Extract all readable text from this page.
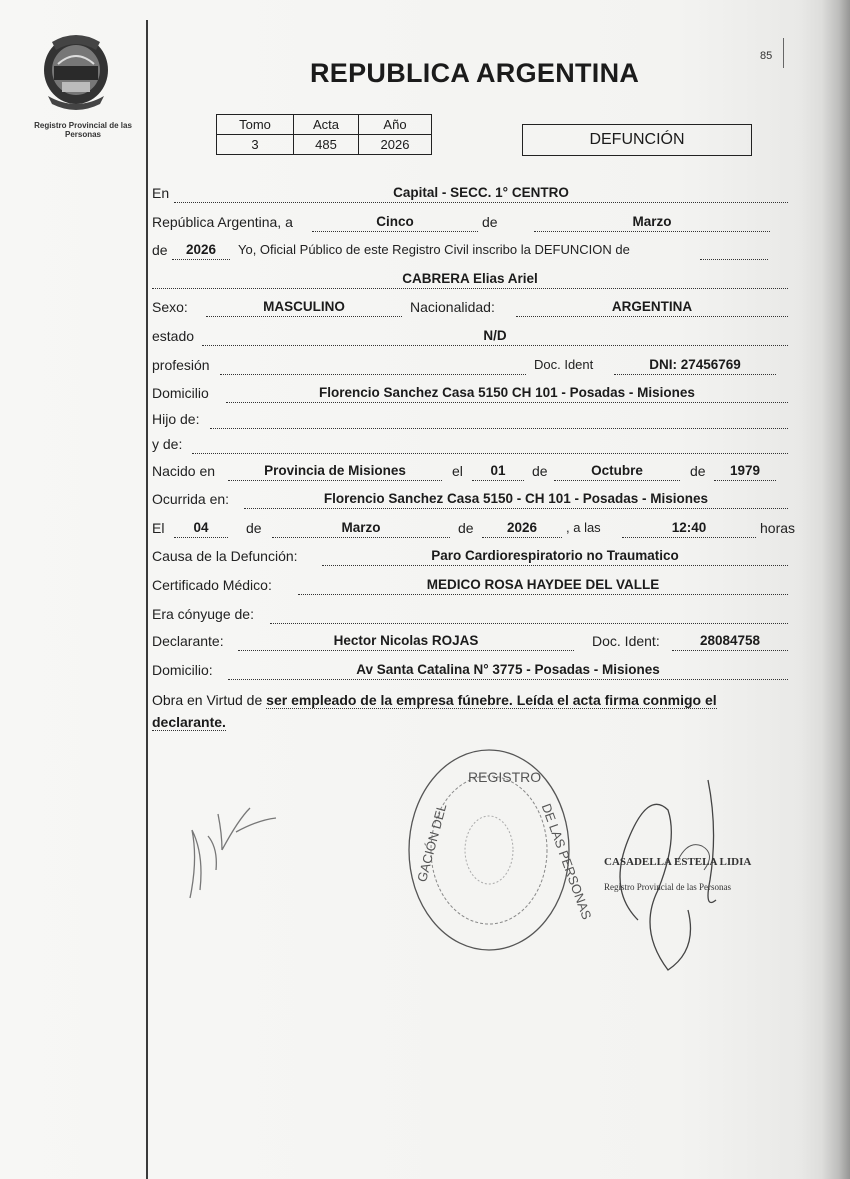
Registro Provincial de las Personas
85
REPUBLICA ARGENTINA
Tomo	Acta	Año
3	485	2026	DEFUNCIÓN
En	Capital - SECC. 1° CENTRO
República Argentina, a	Cinco	de	Marzo
de	2026	Yo, Oficial Público de este Registro Civil inscribo la DEFUNCION de
CABRERA Elias Ariel
Sexo:	MASCULINO	Nacionalidad:	ARGENTINA
estado	N/D
profesión	Doc. Ident	DNI: 27456769
Domicilio	Florencio Sanchez Casa 5150 CH 101 - Posadas - Misiones
Hijo de:
y de:
Nacido en	Provincia de Misiones	el	01	de	Octubre	de	1979
Ocurrida en:	Florencio Sanchez Casa 5150 - CH 101 - Posadas - Misiones
El	04	de	Marzo	de	2026	, a las	12:40	horas
Causa de la Defunción:	Paro Cardiorespiratorio no Traumatico
Certificado Médico:	MEDICO ROSA HAYDEE DEL VALLE
Era cónyuge de:
Declarante:	Hector Nicolas ROJAS	Doc. Ident:	28084758
Domicilio:	Av Santa Catalina N° 3775 - Posadas - Misiones
Obra en Virtud de ser empleado de la empresa fúnebre. Leída el acta firma conmigo el declarante.
REGISTRO
GACIÓN DEL	DE LAS PERSONAS CASADELLA ESTELA LIDIA
Registro Provincial de las Personas
